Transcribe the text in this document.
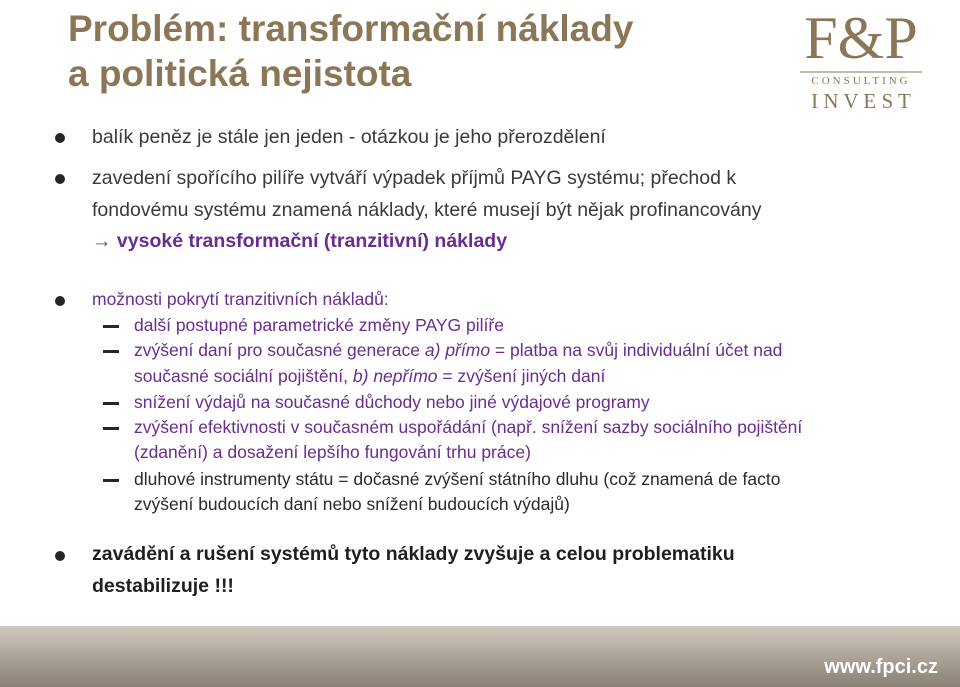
Problém: transformační náklady
a politická nejistota
F&P
CONSULTING
I N V E S T
balík peněz je stále jen jeden - otázkou je jeho přerozdělení
zavedení spořícího pilíře vytváří výpadek příjmů PAYG systému; přechod k
fondovému systému znamená náklady, které musejí být nějak profinancovány
→ vysoké transformační (tranzitivní) náklady
možnosti pokrytí tranzitivních nákladů:
další postupné parametrické změny PAYG pilíře
zvýšení daní pro současné generace a) přímo = platba na svůj individuální účet nad
současné sociální pojištění, b) nepřímo = zvýšení jiných daní
snížení výdajů na současné důchody nebo jiné výdajové programy
zvýšení efektivnosti v současném uspořádání (např. snížení sazby sociálního pojištění
(zdanění) a dosažení lepšího fungování trhu práce)
dluhové instrumenty státu = dočasné zvýšení státního dluhu (což znamená de facto
zvýšení budoucích daní nebo snížení budoucích výdajů)
zavádění a rušení systémů tyto náklady zvyšuje a celou problematiku
destabilizuje !!!
www.fpci.cz
